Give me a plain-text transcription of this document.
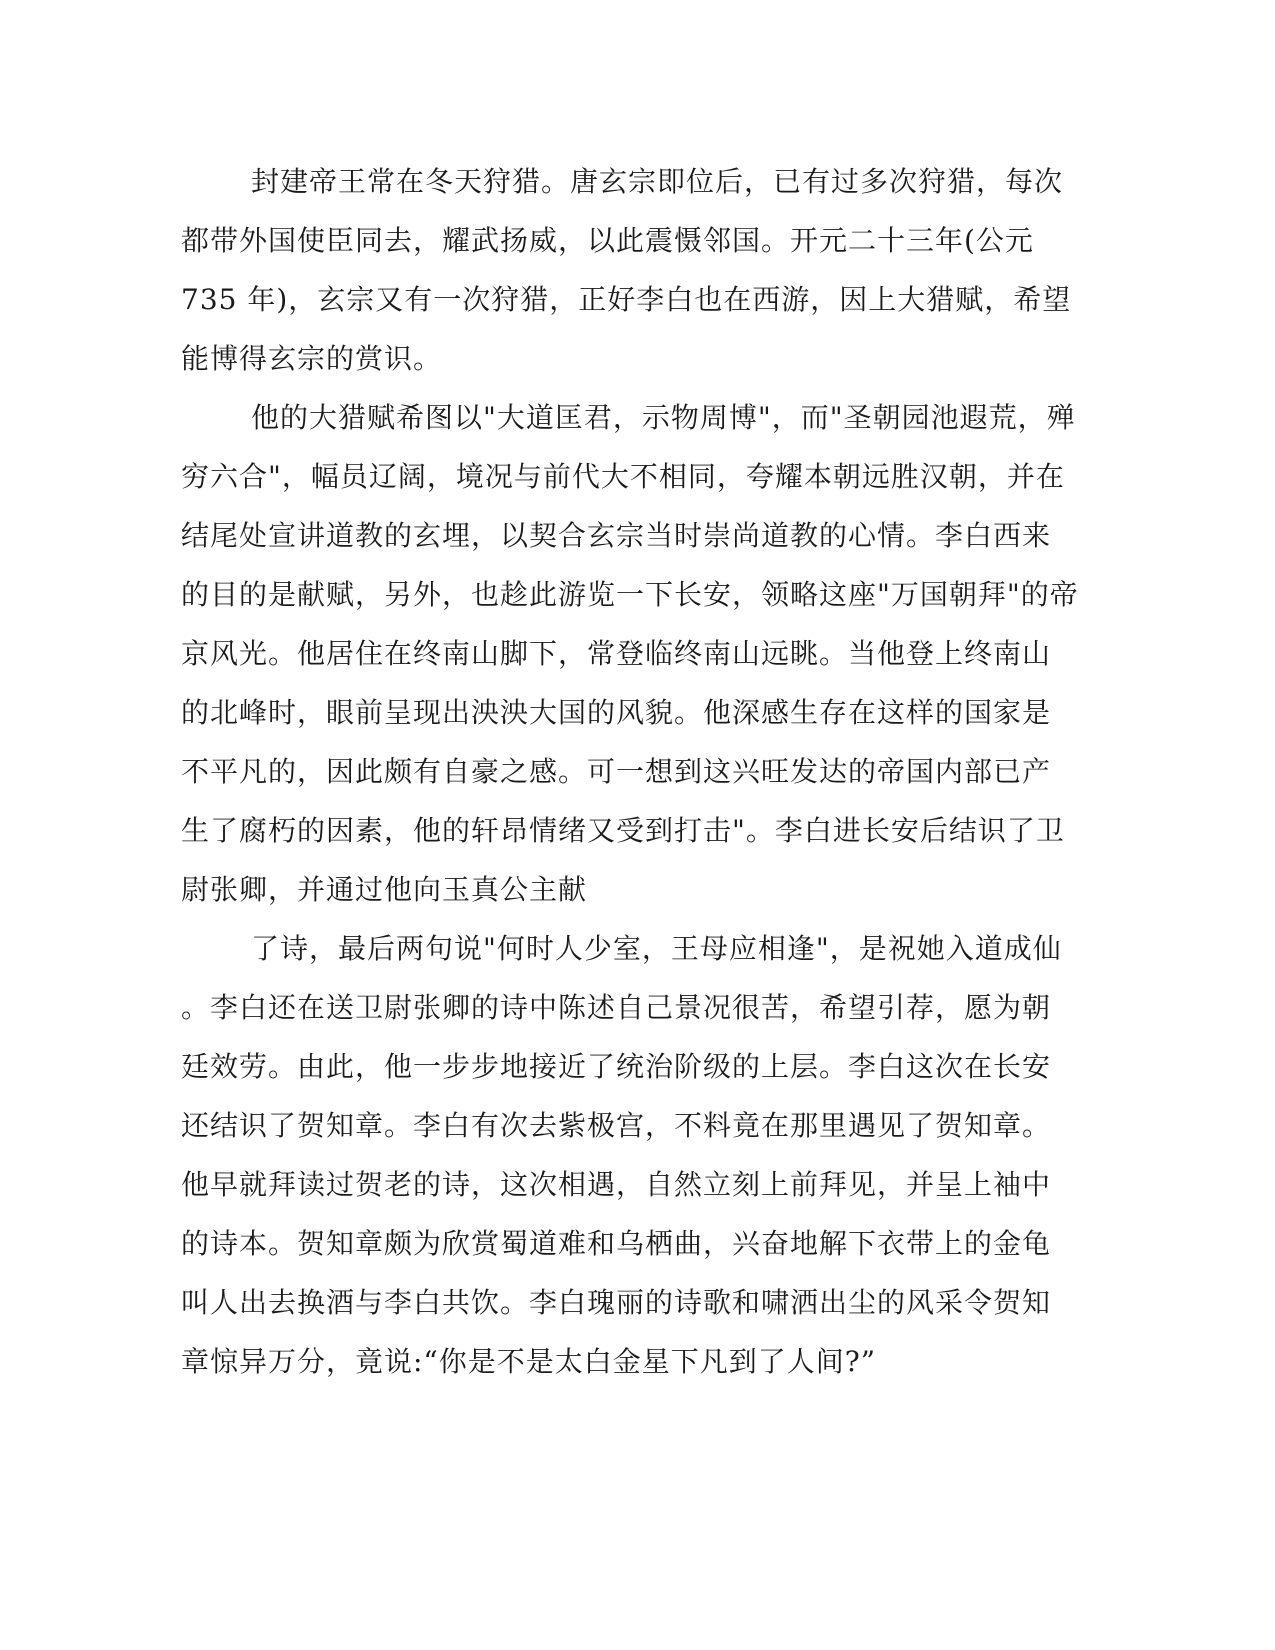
封建帝王常在冬天狩猎。唐玄宗即位后，已有过多次狩猎，每次
都带外国使臣同去，耀武扬威，以此震慑邻国。开元二十三年(公元
735 年)，玄宗又有一次狩猎，正好李白也在西游，因上大猎赋，希望
能博得玄宗的赏识。
他的大猎赋希图以"大道匡君，示物周博"，而"圣朝园池遐荒，殚
穷六合"，幅员辽阔，境况与前代大不相同，夸耀本朝远胜汉朝，并在
结尾处宣讲道教的玄埋，以契合玄宗当时崇尚道教的心情。李白西来
的目的是献赋，另外，也趁此游览一下长安，领略这座"万国朝拜"的帝
京风光。他居住在终南山脚下，常登临终南山远眺。当他登上终南山
的北峰时，眼前呈现出泱泱大国的风貌。他深感生存在这样的国家是
不平凡的，因此颇有自豪之感。可一想到这兴旺发达的帝国内部已产
生了腐朽的因素，他的轩昂情绪又受到打击"。李白进长安后结识了卫
尉张卿，并通过他向玉真公主献
了诗，最后两句说"何时人少室，王母应相逢"，是祝她入道成仙
。李白还在送卫尉张卿的诗中陈述自己景况很苦，希望引荐，愿为朝
廷效劳。由此，他一步步地接近了统治阶级的上层。李白这次在长安
还结识了贺知章。李白有次去紫极宫，不料竟在那里遇见了贺知章。
他早就拜读过贺老的诗，这次相遇，自然立刻上前拜见，并呈上袖中
的诗本。贺知章颇为欣赏蜀道难和乌栖曲，兴奋地解下衣带上的金龟
叫人出去换酒与李白共饮。李白瑰丽的诗歌和啸洒出尘的风采令贺知
章惊异万分，竟说:“你是不是太白金星下凡到了人间?”
